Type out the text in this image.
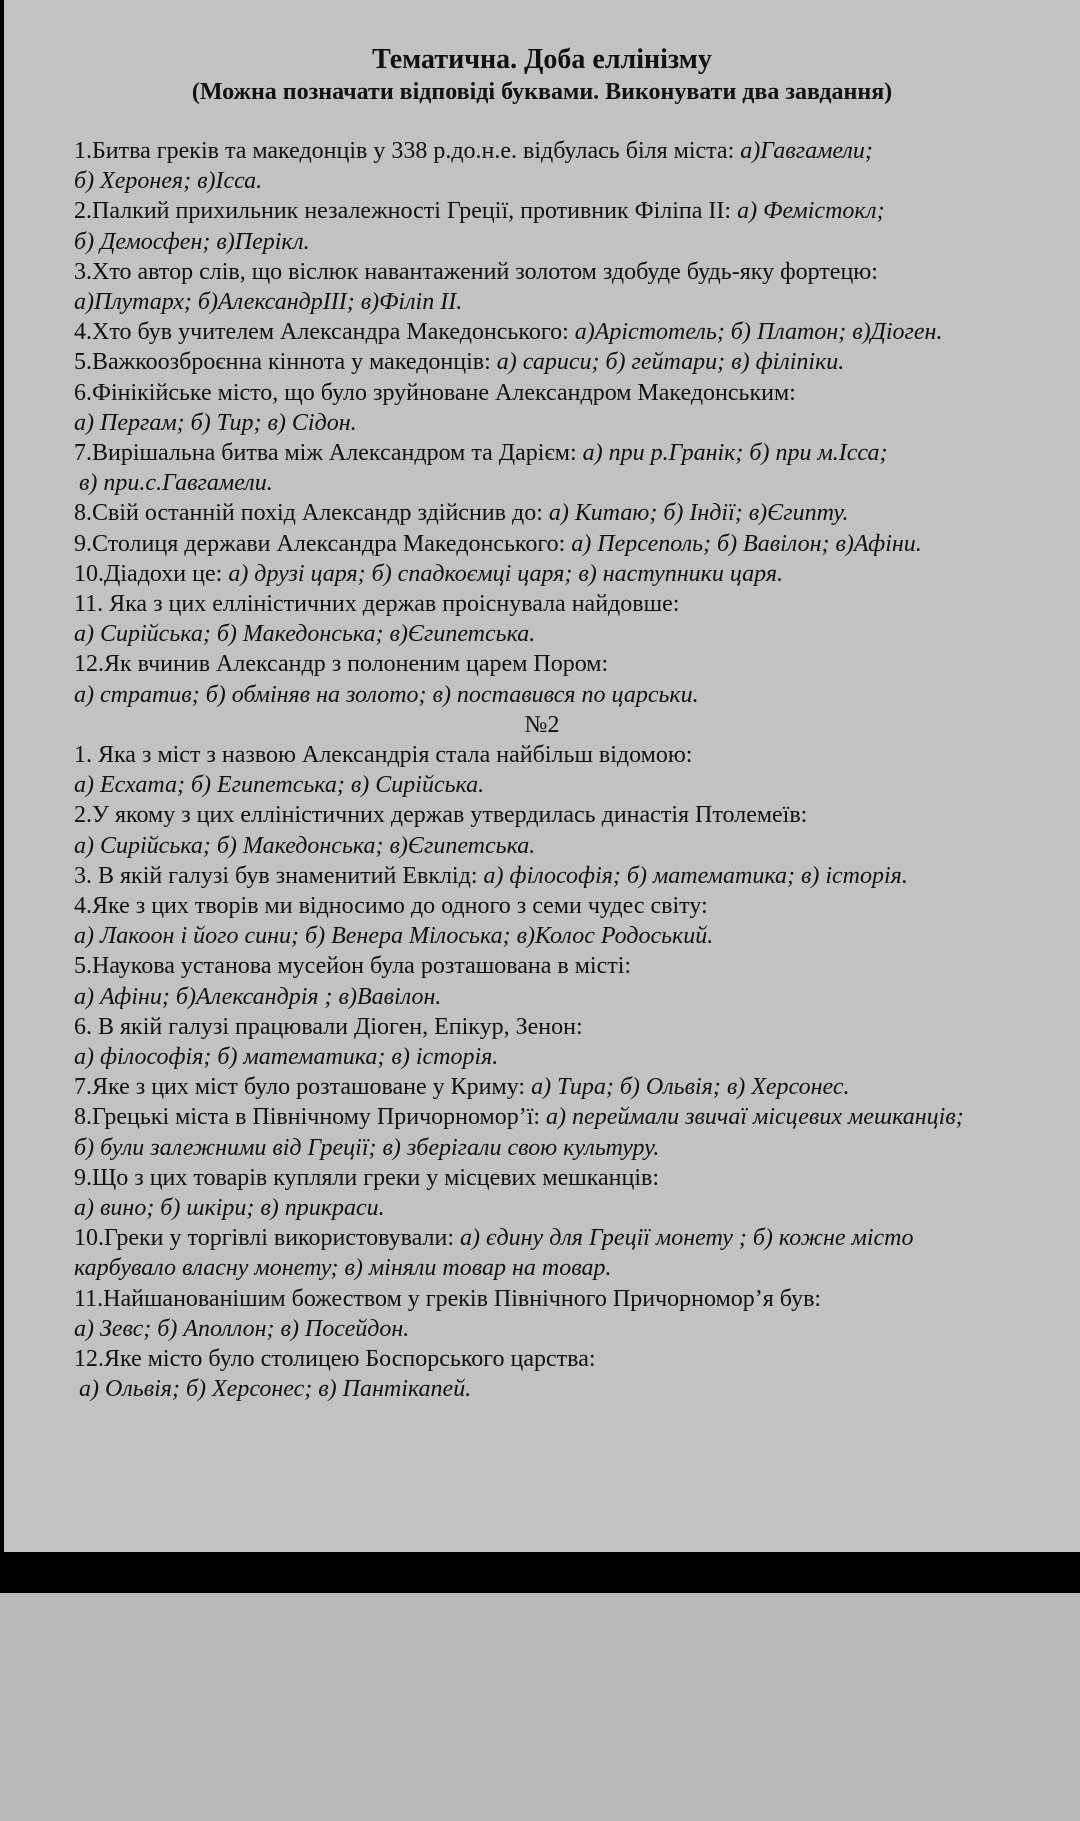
Тематична. Доба еллінізму
(Можна позначати відповіді буквами. Виконувати два завдання)
1.Битва греків та македонців у 338 р.до.н.е. відбулась біля міста: а)Гавгамели;
б) Херонея; в)Ісса.
2.Палкий прихильник незалежності Греції, противник Філіпа ІІ: а) Фемістокл;
б) Демосфен; в)Перікл.
3.Хто автор слів, що віслюк навантажений золотом здобуде будь-яку фортецю:
а)Плутарх; б)АлександрІІІ; в)Філіп ІІ.
4.Хто був учителем Александра Македонського: а)Арістотель; б) Платон; в)Діоген.
5.Важкоозброєнна кіннота у македонців: а) сариси; б) гейтари; в) філіпіки.
6.Фінікійське місто, що було зруйноване Александром Македонським:
а) Пергам; б) Тир; в) Сідон.
7.Вирішальна битва між Александром та Дарієм: а) при р.Гранік; б) при м.Ісса;
в) при.с.Гавгамели.
8.Свій останній похід Александр здійснив до: а) Китаю; б) Індії; в)Єгипту.
9.Столиця держави Александра Македонського: а) Персеполь; б) Вавілон; в)Афіни.
10.Діадохи це: а) друзі царя; б) спадкоємці царя; в) наступники царя.
11. Яка з цих елліністичних держав проіснувала найдовше:
а) Сирійська; б) Македонська; в)Єгипетська.
12.Як вчинив Александр з полоненим царем Пором:
а) стратив; б) обміняв на золото; в) поставився по царськи.
№2
1. Яка з міст з назвою Александрія стала найбільш відомою:
а) Есхата; б) Египетська; в) Сирійська.
2.У якому з цих елліністичних держав утвердилась династія Птолемеїв:
а) Сирійська; б) Македонська; в)Єгипетська.
3. В якій галузі був знаменитий Евклід: а) філософія; б) математика; в) історія.
4.Яке з цих творів ми відносимо до одного з семи чудес світу:
а) Лакоон і його сини; б) Венера Мілоська; в)Колос Родоський.
5.Наукова установа мусейон була розташована в місті:
а) Афіни; б)Александрія ; в)Вавілон.
6. В якій галузі працювали Діоген, Епікур, Зенон:
а) філософія; б) математика; в) історія.
7.Яке з цих міст було розташоване у Криму: а) Тира; б) Ольвія; в) Херсонес.
8.Грецькі міста в Північному Причорномор’ї: а) переймали звичаї місцевих мешканців;
б) були залежними від Греції; в) зберігали свою культуру.
9.Що з цих товарів купляли греки у місцевих мешканців:
а) вино; б) шкіри; в) прикраси.
10.Греки у торгівлі використовували: а) єдину для Греції монету ; б) кожне місто
карбувало власну монету; в) міняли товар на товар.
11.Найшанованішим божеством у греків Північного Причорномор’я був:
а) Зевс; б) Аполлон; в) Посейдон.
12.Яке місто було столицею Боспорського царства:
а) Ольвія; б) Херсонес; в) Пантікапей.
